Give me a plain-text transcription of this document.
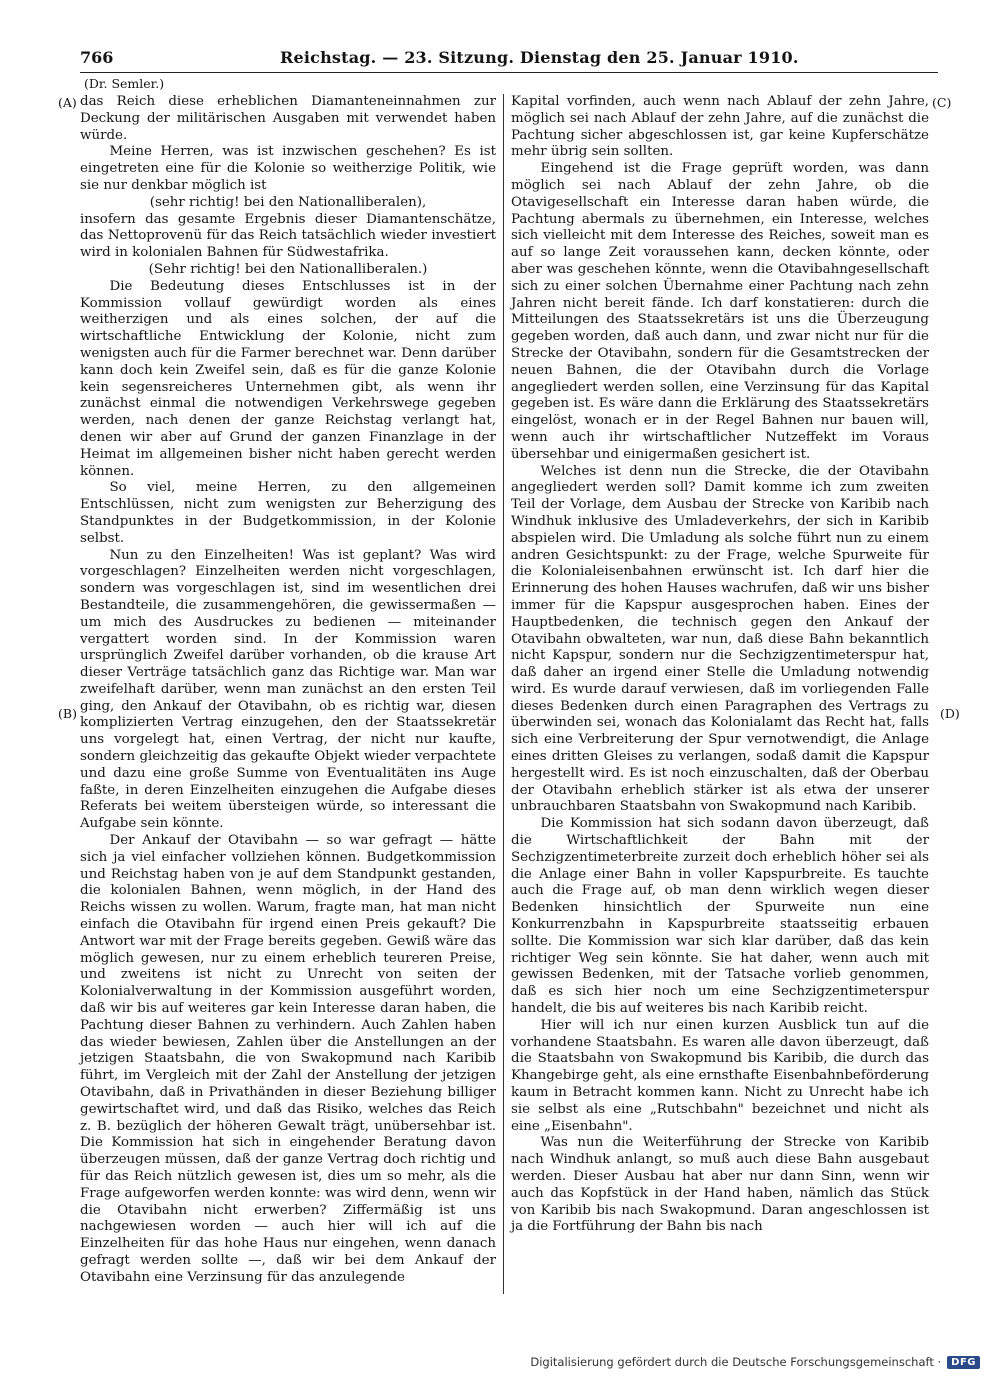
766	Reichstag. — 23. Sitzung. Dienstag den 25. Januar 1910.
(Dr. Semler.)
(A)
(B)
(C)
(D)

das Reich diese erheblichen Diamanteneinnahmen zur Deckung der militärischen Ausgaben mit verwendet haben würde.

Meine Herren, was ist inzwischen geschehen? Es ist eingetreten eine für die Kolonie so weitherzige Politik, wie sie nur denkbar möglich ist

(sehr richtig! bei den Nationalliberalen),

insofern das gesamte Ergebnis dieser Diamantenschätze, das Nettoprovenü für das Reich tatsächlich wieder investiert wird in kolonialen Bahnen für Südwestafrika.

(Sehr richtig! bei den Nationalliberalen.)

Die Bedeutung dieses Entschlusses ist in der Kommission vollauf gewürdigt worden als eines weitherzigen und als eines solchen, der auf die wirtschaftliche Entwicklung der Kolonie, nicht zum wenigsten auch für die Farmer berechnet war. Denn darüber kann doch kein Zweifel sein, daß es für die ganze Kolonie kein segensreicheres Unternehmen gibt, als wenn ihr zunächst einmal die notwendigen Verkehrswege gegeben werden, nach denen der ganze Reichstag verlangt hat, denen wir aber auf Grund der ganzen Finanzlage in der Heimat im allgemeinen bisher nicht haben gerecht werden können.

So viel, meine Herren, zu den allgemeinen Entschlüssen, nicht zum wenigsten zur Beherzigung des Standpunktes in der Budgetkommission, in der Kolonie selbst.

Nun zu den Einzelheiten! Was ist geplant? Was wird vorgeschlagen? Einzelheiten werden nicht vorgeschlagen, sondern was vorgeschlagen ist, sind im wesentlichen drei Bestandteile, die zusammengehören, die gewissermaßen — um mich des Ausdruckes zu bedienen — miteinander vergattert worden sind. In der Kommission waren ursprünglich Zweifel darüber vorhanden, ob die krause Art dieser Verträge tatsächlich ganz das Richtige war. Man war zweifelhaft darüber, wenn man zunächst an den ersten Teil ging, den Ankauf der Otavibahn, ob es richtig war, diesen komplizierten Vertrag einzugehen, den der Staatssekretär uns vorgelegt hat, einen Vertrag, der nicht nur kaufte, sondern gleichzeitig das gekaufte Objekt wieder verpachtete und dazu eine große Summe von Eventualitäten ins Auge faßte, in deren Einzelheiten einzugehen die Aufgabe dieses Referats bei weitem übersteigen würde, so interessant die Aufgabe sein könnte.

Der Ankauf der Otavibahn — so war gefragt — hätte sich ja viel einfacher vollziehen können. Budgetkommission und Reichstag haben von je auf dem Standpunkt gestanden, die kolonialen Bahnen, wenn möglich, in der Hand des Reichs wissen zu wollen. Warum, fragte man, hat man nicht einfach die Otavibahn für irgend einen Preis gekauft? Die Antwort war mit der Frage bereits gegeben. Gewiß wäre das möglich gewesen, nur zu einem erheblich teureren Preise, und zweitens ist nicht zu Unrecht von seiten der Kolonialverwaltung in der Kommission ausgeführt worden, daß wir bis auf weiteres gar kein Interesse daran haben, die Pachtung dieser Bahnen zu verhindern. Auch Zahlen haben das wieder bewiesen, Zahlen über die Anstellungen an der jetzigen Staatsbahn, die von Swakopmund nach Karibib führt, im Vergleich mit der Zahl der Anstellung der jetzigen Otavibahn, daß in Privathänden in dieser Beziehung billiger gewirtschaftet wird, und daß das Risiko, welches das Reich z. B. bezüglich der höheren Gewalt trägt, unübersehbar ist. Die Kommission hat sich in eingehender Beratung davon überzeugen müssen, daß der ganze Vertrag doch richtig und für das Reich nützlich gewesen ist, dies um so mehr, als die Frage aufgeworfen werden konnte: was wird denn, wenn wir die Otavibahn nicht erwerben? Ziffermäßig ist uns nachgewiesen worden — auch hier will ich auf die Einzelheiten für das hohe Haus nur eingehen, wenn danach gefragt werden sollte —, daß wir bei dem Ankauf der Otavibahn eine Verzinsung für das anzulegende

Kapital vorfinden, auch wenn nach Ablauf der zehn Jahre, möglich sei nach Ablauf der zehn Jahre, auf die zunächst die Pachtung sicher abgeschlossen ist, gar keine Kupferschätze mehr übrig sein sollten.

Eingehend ist die Frage geprüft worden, was dann möglich sei nach Ablauf der zehn Jahre, ob die Otavigesellschaft ein Interesse daran haben würde, die Pachtung abermals zu übernehmen, ein Interesse, welches sich vielleicht mit dem Interesse des Reiches, soweit man es auf so lange Zeit voraussehen kann, decken könnte, oder aber was geschehen könnte, wenn die Otavibahngesellschaft sich zu einer solchen Übernahme einer Pachtung nach zehn Jahren nicht bereit fände. Ich darf konstatieren: durch die Mitteilungen des Staatssekretärs ist uns die Überzeugung gegeben worden, daß auch dann, und zwar nicht nur für die Strecke der Otavibahn, sondern für die Gesamtstrecken der neuen Bahnen, die der Otavibahn durch die Vorlage angegliedert werden sollen, eine Verzinsung für das Kapital gegeben ist. Es wäre dann die Erklärung des Staatssekretärs eingelöst, wonach er in der Regel Bahnen nur bauen will, wenn auch ihr wirtschaftlicher Nutzeffekt im Voraus übersehbar und einigermaßen gesichert ist.

Welches ist denn nun die Strecke, die der Otavibahn angegliedert werden soll? Damit komme ich zum zweiten Teil der Vorlage, dem Ausbau der Strecke von Karibib nach Windhuk inklusive des Umladeverkehrs, der sich in Karibib abspielen wird. Die Umladung als solche führt nun zu einem andren Gesichtspunkt: zu der Frage, welche Spurweite für die Kolonialeisenbahnen erwünscht ist. Ich darf hier die Erinnerung des hohen Hauses wachrufen, daß wir uns bisher immer für die Kapspur ausgesprochen haben. Eines der Hauptbedenken, die technisch gegen den Ankauf der Otavibahn obwalteten, war nun, daß diese Bahn bekanntlich nicht Kapspur, sondern nur die Sechzigzentimeterspur hat, daß daher an irgend einer Stelle die Umladung notwendig wird. Es wurde darauf verwiesen, daß im vorliegenden Falle dieses Bedenken durch einen Paragraphen des Vertrags zu überwinden sei, wonach das Kolonialamt das Recht hat, falls sich eine Verbreiterung der Spur vernotwendigt, die Anlage eines dritten Gleises zu verlangen, sodaß damit die Kapspur hergestellt wird. Es ist noch einzuschalten, daß der Oberbau der Otavibahn erheblich stärker ist als etwa der unserer unbrauchbaren Staatsbahn von Swakopmund nach Karibib.

Die Kommission hat sich sodann davon überzeugt, daß die Wirtschaftlichkeit der Bahn mit der Sechzigzentimeterbreite zurzeit doch erheblich höher sei als die Anlage einer Bahn in voller Kapspurbreite. Es tauchte auch die Frage auf, ob man denn wirklich wegen dieser Bedenken hinsichtlich der Spurweite nun eine Konkurrenzbahn in Kapspurbreite staatsseitig erbauen sollte. Die Kommission war sich klar darüber, daß das kein richtiger Weg sein könnte. Sie hat daher, wenn auch mit gewissen Bedenken, mit der Tatsache vorlieb genommen, daß es sich hier noch um eine Sechzigzentimeterspur handelt, die bis auf weiteres bis nach Karibib reicht.

Hier will ich nur einen kurzen Ausblick tun auf die vorhandene Staatsbahn. Es waren alle davon überzeugt, daß die Staatsbahn von Swakopmund bis Karibib, die durch das Khangebirge geht, als eine ernsthafte Eisenbahnbeförderung kaum in Betracht kommen kann. Nicht zu Unrecht habe ich sie selbst als eine „Rutschbahn" bezeichnet und nicht als eine „Eisenbahn".

Was nun die Weiterführung der Strecke von Karibib nach Windhuk anlangt, so muß auch diese Bahn ausgebaut werden. Dieser Ausbau hat aber nur dann Sinn, wenn wir auch das Kopfstück in der Hand haben, nämlich das Stück von Karibib bis nach Swakopmund. Daran angeschlossen ist ja die Fortführung der Bahn bis nach

Digitalisierung gefördert durch die Deutsche Forschungsgemeinschaft ·	DFG
